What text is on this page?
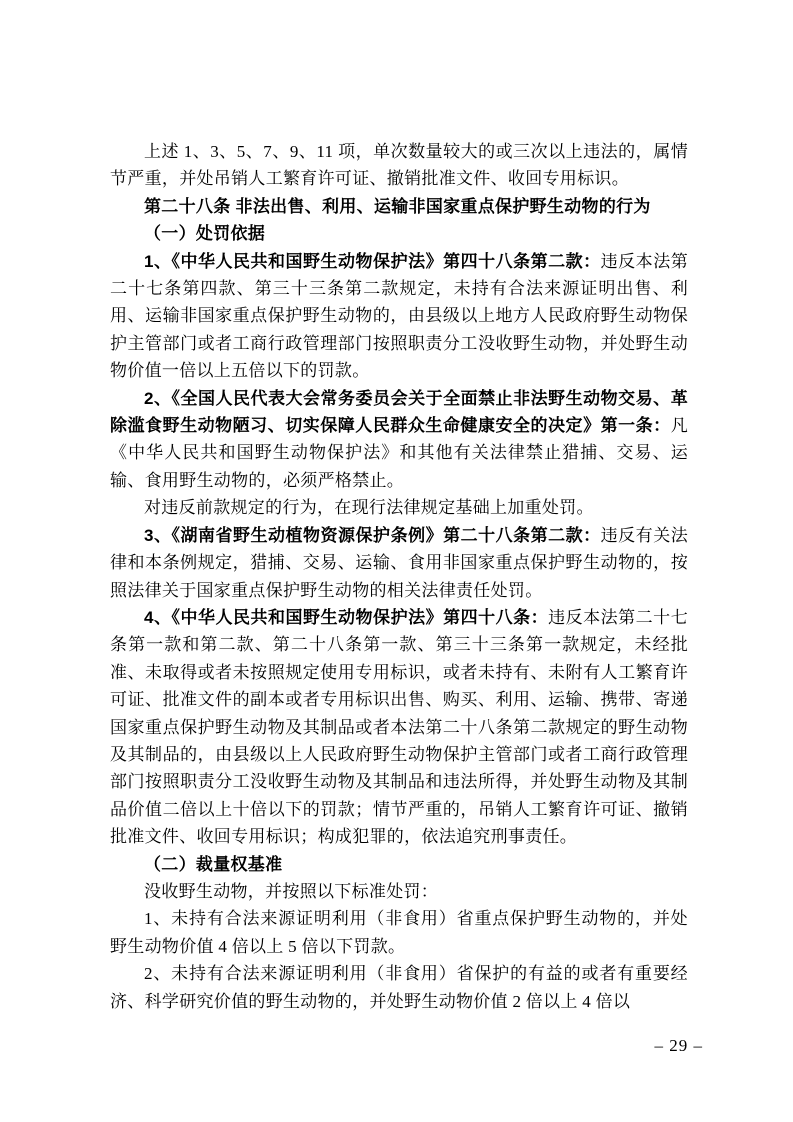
上述 1、3、5、7、9、11 项，单次数量较大的或三次以上违法的，属情节严重，并处吊销人工繁育许可证、撤销批准文件、收回专用标识。

第二十八条 非法出售、利用、运输非国家重点保护野生动物的行为

（一）处罚依据

1、《中华人民共和国野生动物保护法》第四十八条第二款：违反本法第二十七条第四款、第三十三条第二款规定，未持有合法来源证明出售、利用、运输非国家重点保护野生动物的，由县级以上地方人民政府野生动物保护主管部门或者工商行政管理部门按照职责分工没收野生动物，并处野生动物价值一倍以上五倍以下的罚款。

2、《全国人民代表大会常务委员会关于全面禁止非法野生动物交易、革除滥食野生动物陋习、切实保障人民群众生命健康安全的决定》第一条：凡《中华人民共和国野生动物保护法》和其他有关法律禁止猎捕、交易、运输、食用野生动物的，必须严格禁止。

对违反前款规定的行为，在现行法律规定基础上加重处罚。

3、《湖南省野生动植物资源保护条例》第二十八条第二款：违反有关法律和本条例规定，猎捕、交易、运输、食用非国家重点保护野生动物的，按照法律关于国家重点保护野生动物的相关法律责任处罚。

4、《中华人民共和国野生动物保护法》第四十八条：违反本法第二十七条第一款和第二款、第二十八条第一款、第三十三条第一款规定，未经批准、未取得或者未按照规定使用专用标识，或者未持有、未附有人工繁育许可证、批准文件的副本或者专用标识出售、购买、利用、运输、携带、寄递国家重点保护野生动物及其制品或者本法第二十八条第二款规定的野生动物及其制品的，由县级以上人民政府野生动物保护主管部门或者工商行政管理部门按照职责分工没收野生动物及其制品和违法所得，并处野生动物及其制品价值二倍以上十倍以下的罚款；情节严重的，吊销人工繁育许可证、撤销批准文件、收回专用标识；构成犯罪的，依法追究刑事责任。

（二）裁量权基准

没收野生动物，并按照以下标准处罚：

1、未持有合法来源证明利用（非食用）省重点保护野生动物的，并处野生动物价值 4 倍以上 5 倍以下罚款。

2、未持有合法来源证明利用（非食用）省保护的有益的或者有重要经济、科学研究价值的野生动物的，并处野生动物价值 2 倍以上 4 倍以

– 29 –
